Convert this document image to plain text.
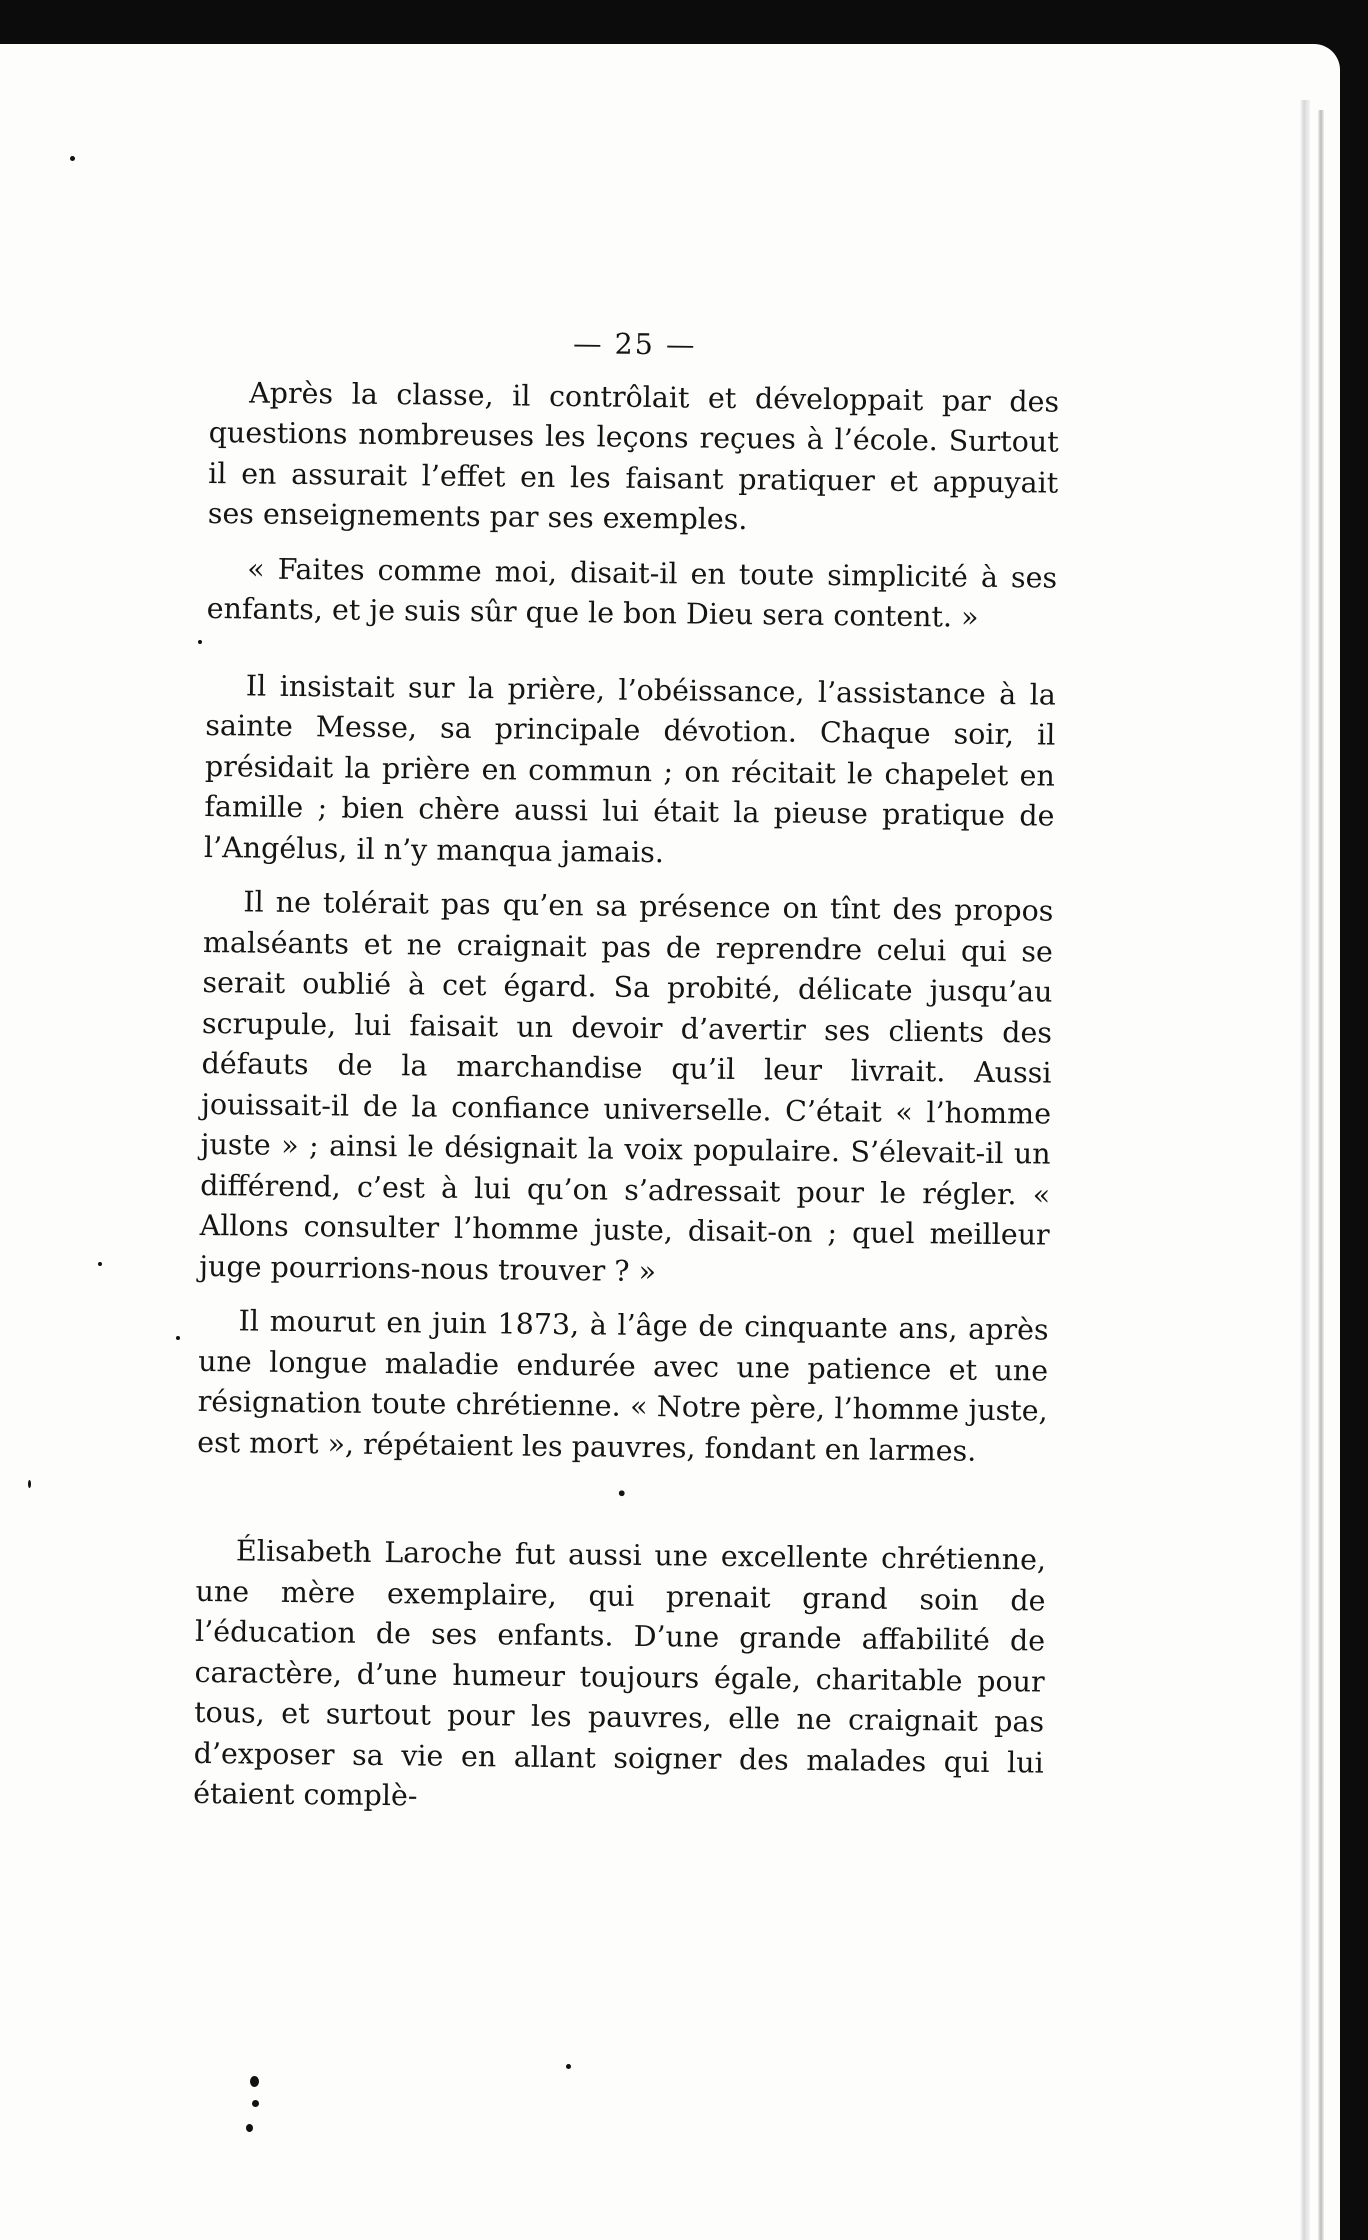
— 25 —

Après la classe, il contrôlait et développait par des questions nombreuses les leçons reçues à l’école. Surtout il en assurait l’effet en les faisant pratiquer et appuyait ses enseignements par ses exemples.

« Faites comme moi, disait-il en toute simplicité à ses enfants, et je suis sûr que le bon Dieu sera content. »

Il insistait sur la prière, l’obéissance, l’assistance à la sainte Messe, sa principale dévotion. Chaque soir, il présidait la prière en commun ; on récitait le chapelet en famille ; bien chère aussi lui était la pieuse pratique de l’Angélus, il n’y manqua jamais.

Il ne tolérait pas qu’en sa présence on tînt des propos malséants et ne craignait pas de reprendre celui qui se serait oublié à cet égard. Sa probité, délicate jusqu’au scrupule, lui faisait un devoir d’avertir ses clients des défauts de la marchandise qu’il leur livrait. Aussi jouissait-il de la confiance universelle. C’était « l’homme juste » ; ainsi le désignait la voix populaire. S’élevait-il un différend, c’est à lui qu’on s’adressait pour le régler. « Allons consulter l’homme juste, disait-on ; quel meilleur juge pourrions-nous trouver ? »

Il mourut en juin 1873, à l’âge de cinquante ans, après une longue maladie endurée avec une patience et une résignation toute chrétienne. « Notre père, l’homme juste, est mort », répétaient les pauvres, fondant en larmes.

•

Élisabeth Laroche fut aussi une excellente chrétienne, une mère exemplaire, qui prenait grand soin de l’éducation de ses enfants. D’une grande affabilité de caractère, d’une humeur toujours égale, charitable pour tous, et surtout pour les pauvres, elle ne craignait pas d’exposer sa vie en allant soigner des malades qui lui étaient complè-
